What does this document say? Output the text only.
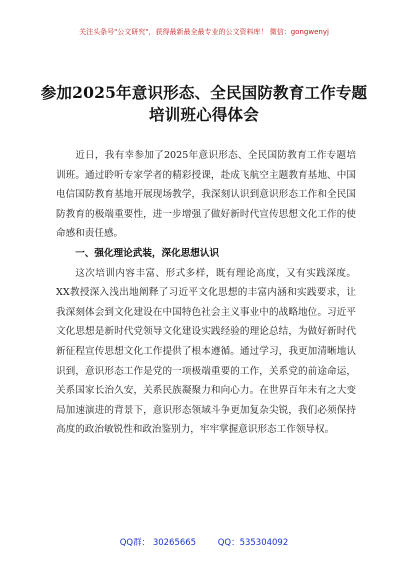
关注头条号"公文研究"，获得最新最全最专业的公文资料库！ 微信：gongwenyj
参加2025年意识形态、全民国防教育工作专题培训班心得体会

近日，我有幸参加了2025年意识形态、全民国防教育工作专题培训班。通过聆听专家学者的精彩授课，赴成飞航空主题教育基地、中国电信国防教育基地开展现场教学，我深刻认识到意识形态工作和全民国防教育的极端重要性，进一步增强了做好新时代宣传思想文化工作的使命感和责任感。

一、强化理论武装，深化思想认识

这次培训内容丰富、形式多样，既有理论高度，又有实践深度。XX教授深入浅出地阐释了习近平文化思想的丰富内涵和实践要求，让我深刻体会到文化建设在中国特色社会主义事业中的战略地位。习近平文化思想是新时代党领导文化建设实践经验的理论总结，为做好新时代新征程宣传思想文化工作提供了根本遵循。通过学习，我更加清晰地认识到，意识形态工作是党的一项极端重要的工作，关系党的前途命运，关系国家长治久安，关系民族凝聚力和向心力。在世界百年未有之大变局加速演进的背景下，意识形态领域斗争更加复杂尖锐，我们必须保持高度的政治敏锐性和政治鉴别力，牢牢掌握意识形态工作领导权。

QQ群： 30265665        QQ：535304092
